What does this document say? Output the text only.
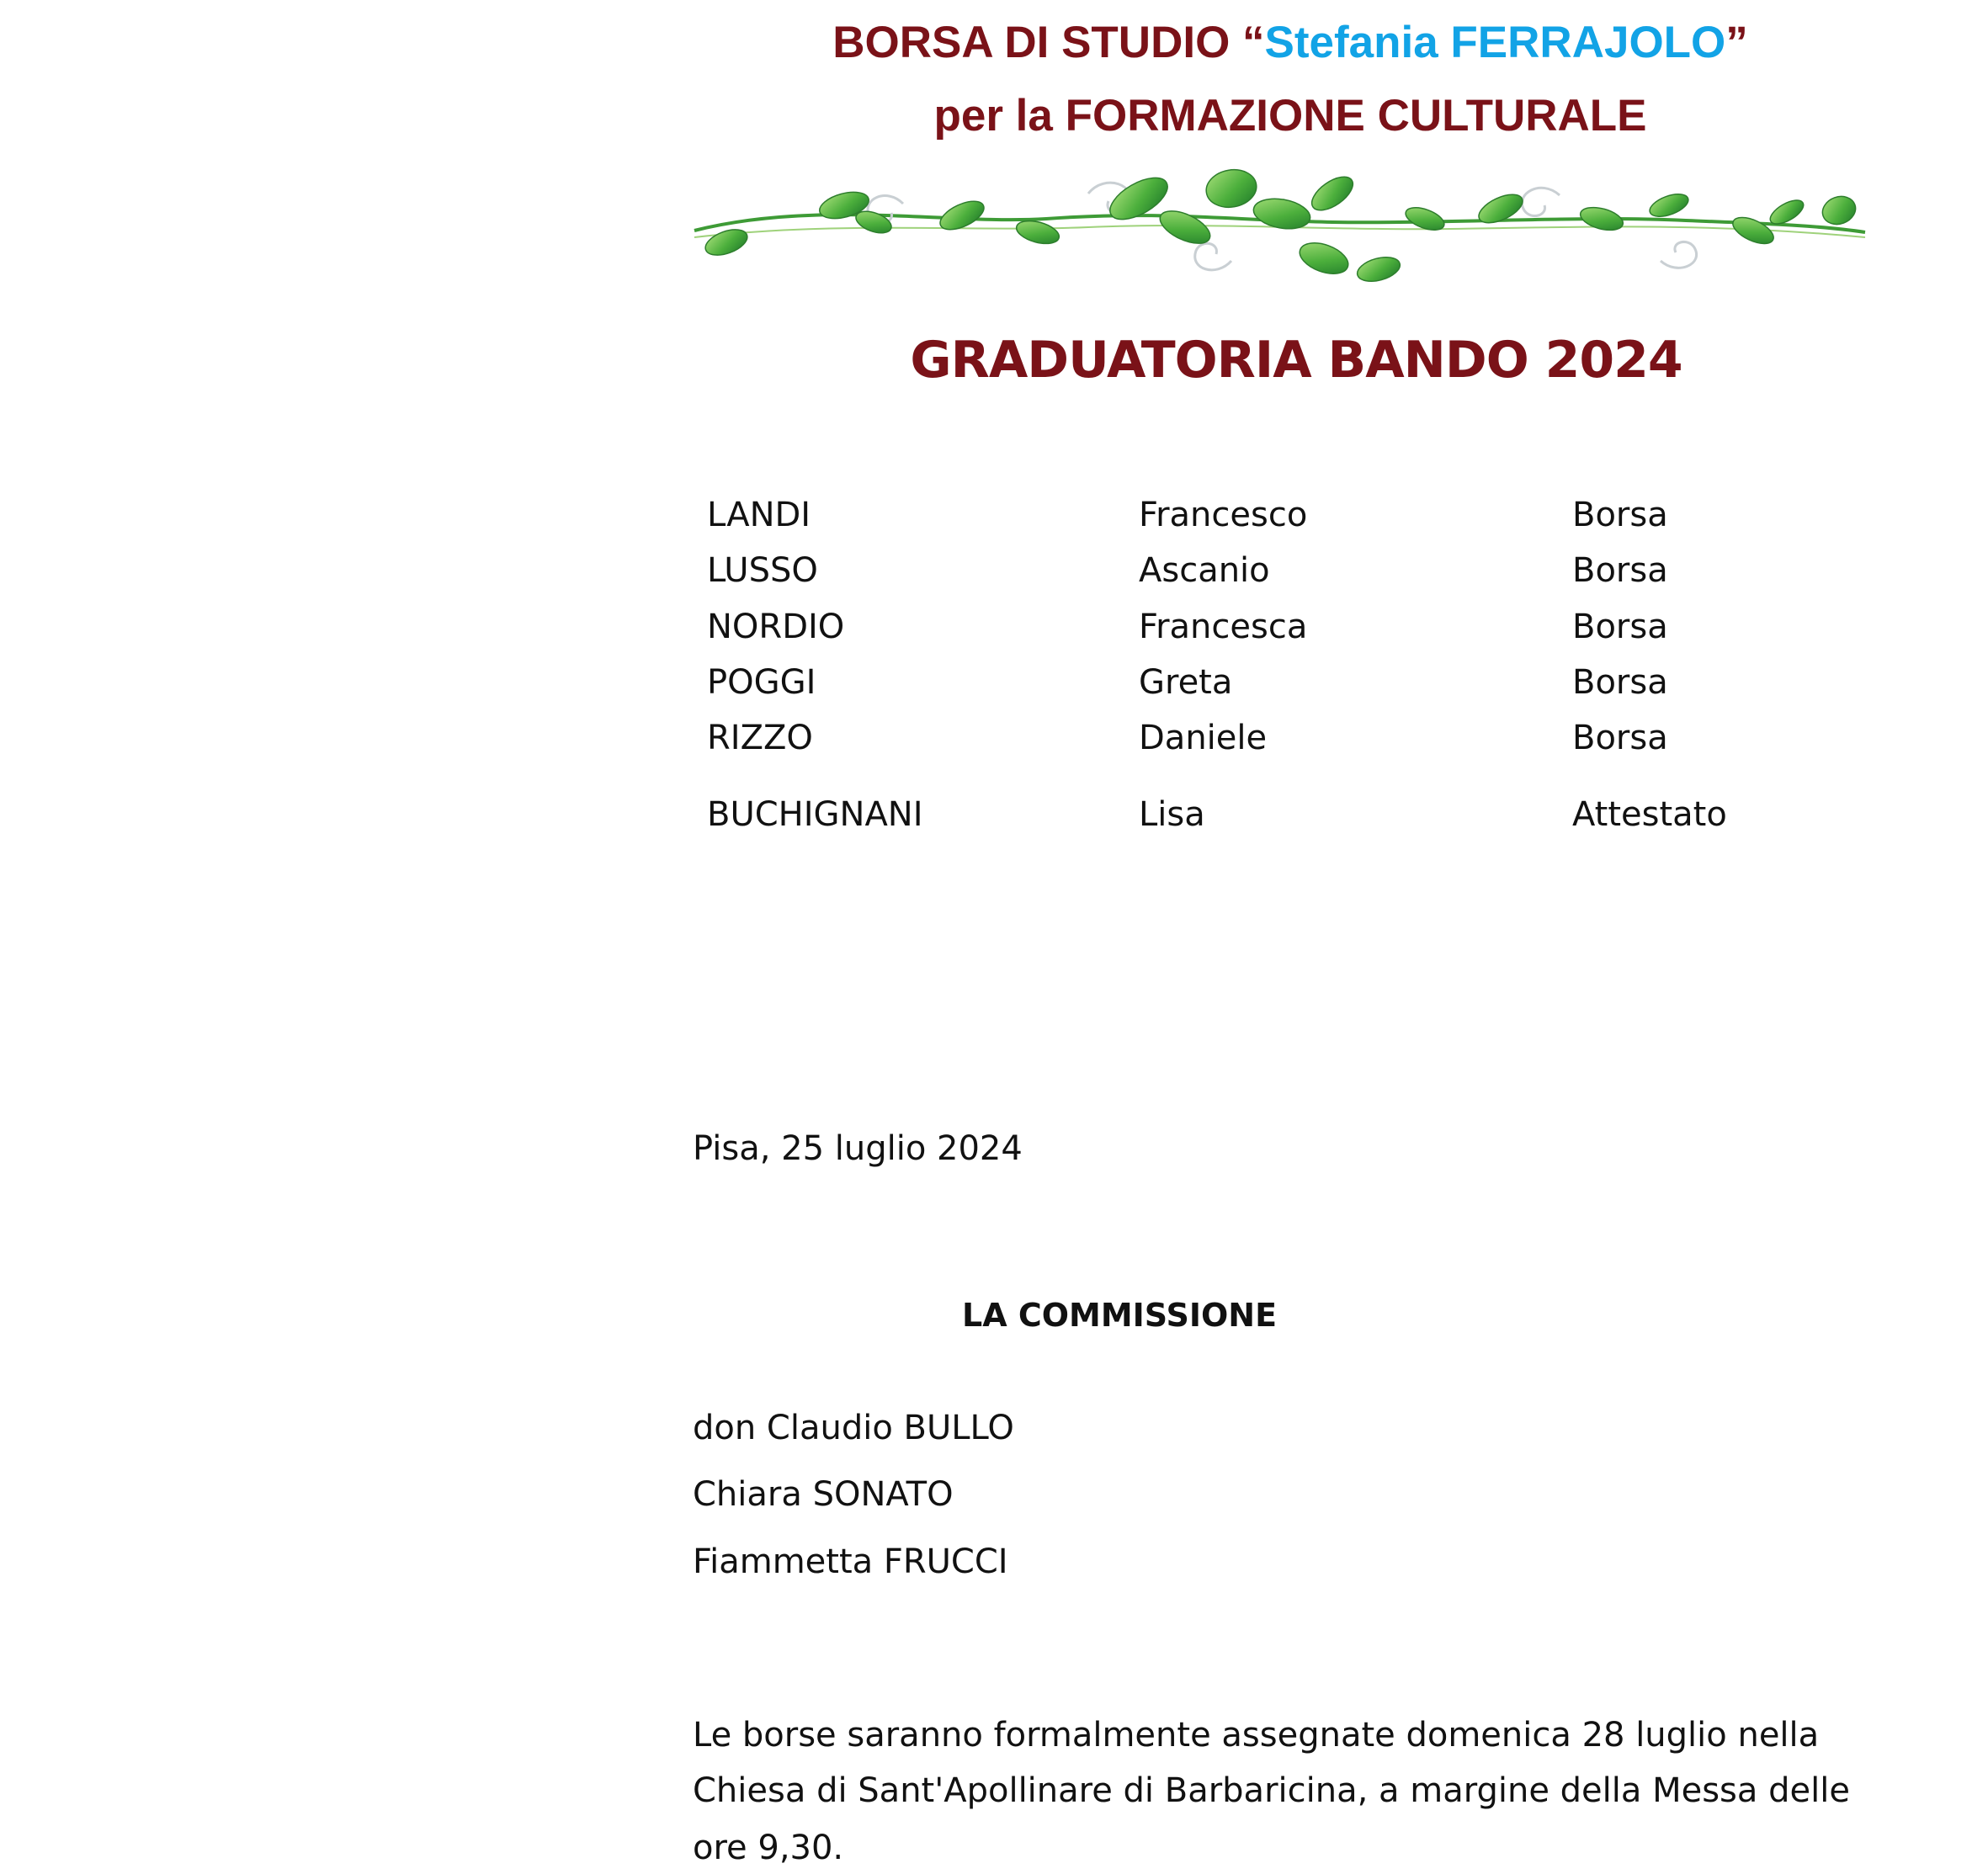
BORSA DI STUDIO “Stefania FERRAJOLO”
per la FORMAZIONE CULTURALE
GRADUATORIA BANDO 2024
LANDI	Francesco	Borsa
LUSSO	Ascanio	Borsa
NORDIO	Francesca	Borsa
POGGI	Greta	Borsa
RIZZO	Daniele	Borsa
BUCHIGNANI	Lisa	Attestato
Pisa, 25 luglio 2024
LA COMMISSIONE
don Claudio BULLO
Chiara SONATO
Fiammetta FRUCCI
Le borse saranno formalmente assegnate domenica 28 luglio nella
Chiesa di Sant'Apollinare di Barbaricina, a margine della Messa delle
ore 9,30.
